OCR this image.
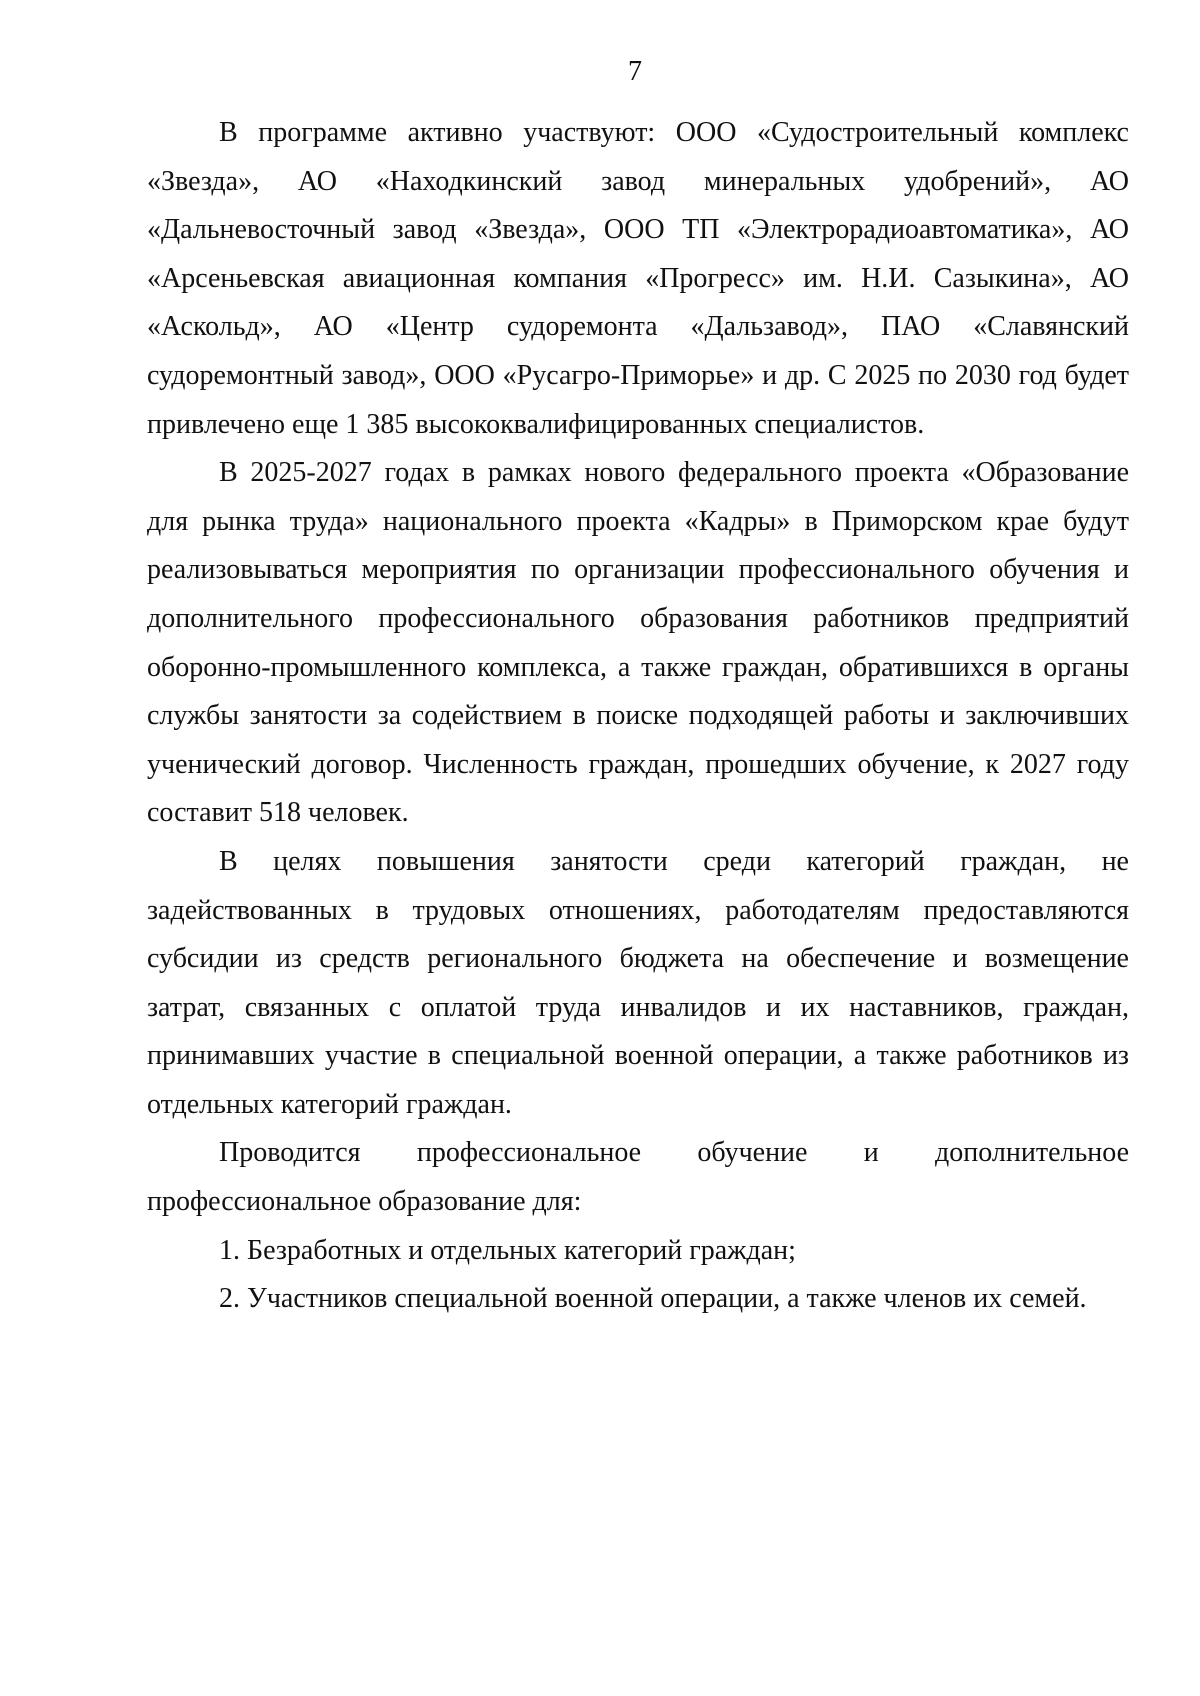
7

В программе активно участвуют: ООО «Судостроительный комплекс «Звезда», АО «Находкинский завод минеральных удобрений», АО «Дальневосточный завод «Звезда», ООО ТП «Электрорадиоавтоматика», АО «Арсеньевская авиационная компания «Прогресс» им. Н.И. Сазыкина», АО «Аскольд», АО «Центр судоремонта «Дальзавод», ПАО «Славянский судоремонтный завод», ООО «Русагро-Приморье» и др. С 2025 по 2030 год будет привлечено еще 1 385 высококвалифицированных специалистов.

В 2025-2027 годах в рамках нового федерального проекта «Образование для рынка труда» национального проекта «Кадры» в Приморском крае будут реализовываться мероприятия по организации профессионального обучения и дополнительного профессионального образования работников предприятий оборонно-промышленного комплекса, а также граждан, обратившихся в органы службы занятости за содействием в поиске подходящей работы и заключивших ученический договор. Численность граждан, прошедших обучение, к 2027 году составит 518 человек.

В целях повышения занятости среди категорий граждан, не задействованных в трудовых отношениях, работодателям предоставляются субсидии из средств регионального бюджета на обеспечение и возмещение затрат, связанных с оплатой труда инвалидов и их наставников, граждан, принимавших участие в специальной военной операции, а также работников из отдельных категорий граждан.

Проводится профессиональное обучение и дополнительное профессиональное образование для:

1. Безработных и отдельных категорий граждан;

2. Участников специальной военной операции, а также членов их семей.
